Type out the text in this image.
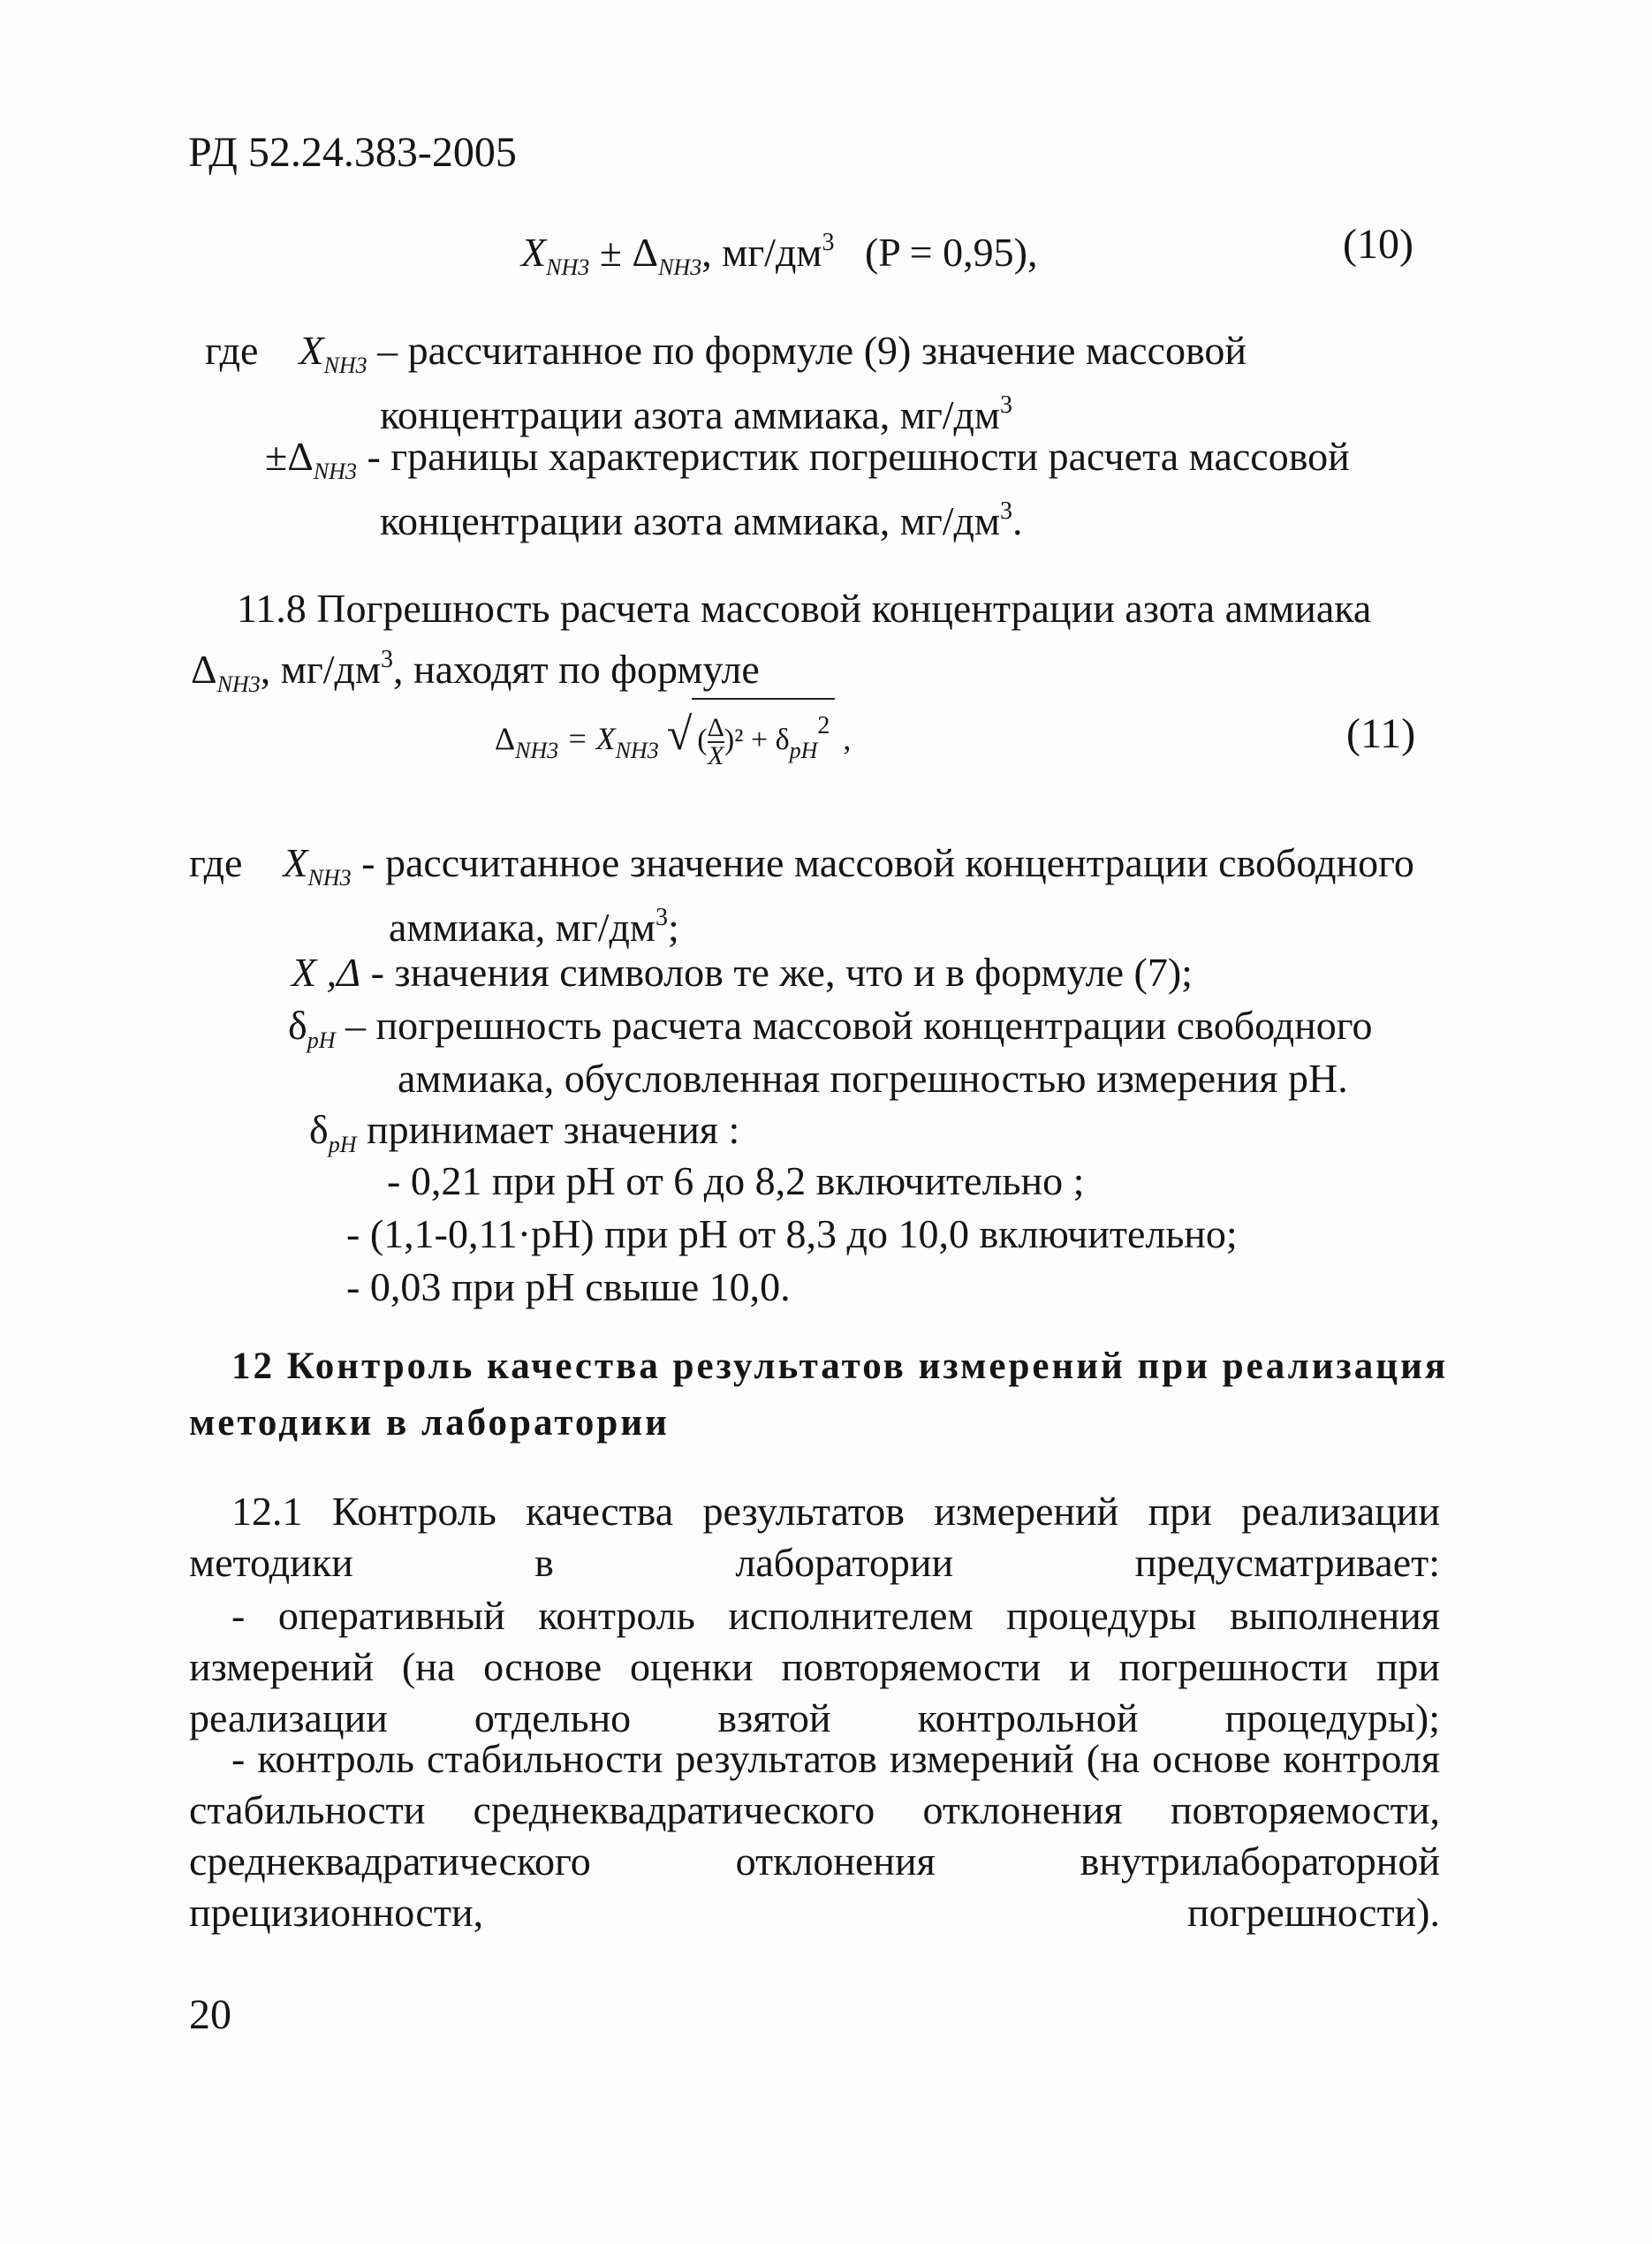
РД 52.24.383-2005
$X_{NH3} \pm \Delta_{NH3}$, $мг/дм^3$ (P = 0,95),	(10)
где $X_{NH3}$ – рассчитанное по формуле (9) значение массовой
концентрации азота аммиака, $мг/дм^3$
$\pm\Delta_{NH3}$ - границы характеристик погрешности расчета массовой
концентрации азота аммиака, $мг/дм^3$.
11.8 Погрешность расчета массовой концентрации азота аммиака
$\Delta_{NH3}$, $мг/дм^3$, находят по формуле
$\Delta_{NH3} = X_{NH3}$ √ ( $\frac{\Delta}{X} )^2 + \delta_{pH}^2$ ,	(11)
где $X_{NH3}$ - рассчитанное значение массовой концентрации свободного
аммиака, $мг/дм^3$;
X ,Δ - значения символов те же, что и в формуле (7);
$\delta_{pH}$ – погрешность расчета массовой концентрации свободного
аммиака, обусловленная погрешностью измерения pH.
$\delta_{pH}$ принимает значения :
- 0,21 при pH от 6 до 8,2 включительно ;
- (1,1-0,11·pH) при pH от 8,3 до 10,0 включительно;
- 0,03 при pH свыше 10,0.
12 Контроль качества результатов измерений при реализация
методики в лаборатории
12.1 Контроль качества результатов измерений при реализации методики в лаборатории предусматривает:
- оперативный контроль исполнителем процедуры выполнения измерений (на основе оценки повторяемости и погрешности при реализации отдельно взятой контрольной процедуры);
- контроль стабильности результатов измерений (на основе контроля стабильности среднеквадратического отклонения повторяемости, среднеквадратического отклонения внутрилабораторной прецизионности, погрешности).
20
